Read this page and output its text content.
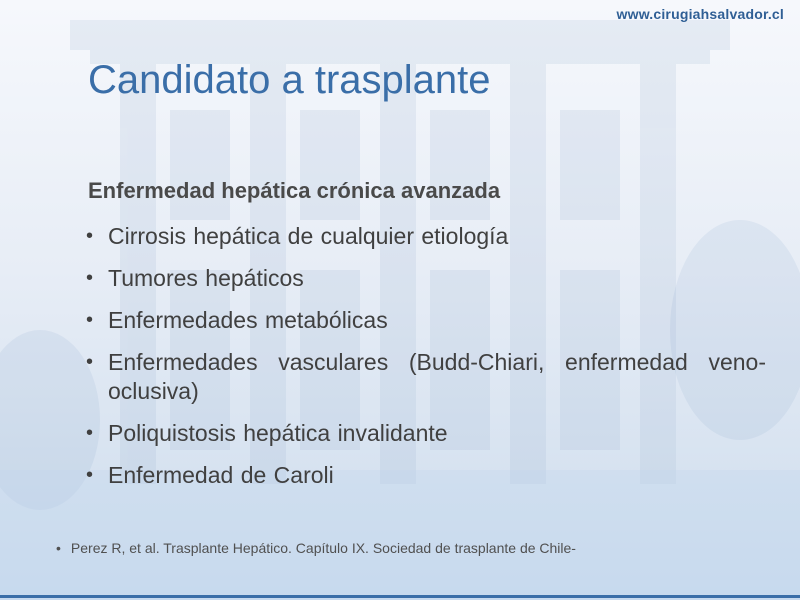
www.cirugiahsalvador.cl
Candidato a trasplante
Enfermedad hepática crónica avanzada
• Cirrosis hepática de cualquier etiología
• Tumores hepáticos
• Enfermedades metabólicas
• Enfermedades vasculares (Budd-Chiari, enfermedad veno-oclusiva)
• Poliquistosis hepática invalidante
• Enfermedad de Caroli
• Perez R, et al. Trasplante Hepático. Capítulo IX. Sociedad de trasplante de Chile-
